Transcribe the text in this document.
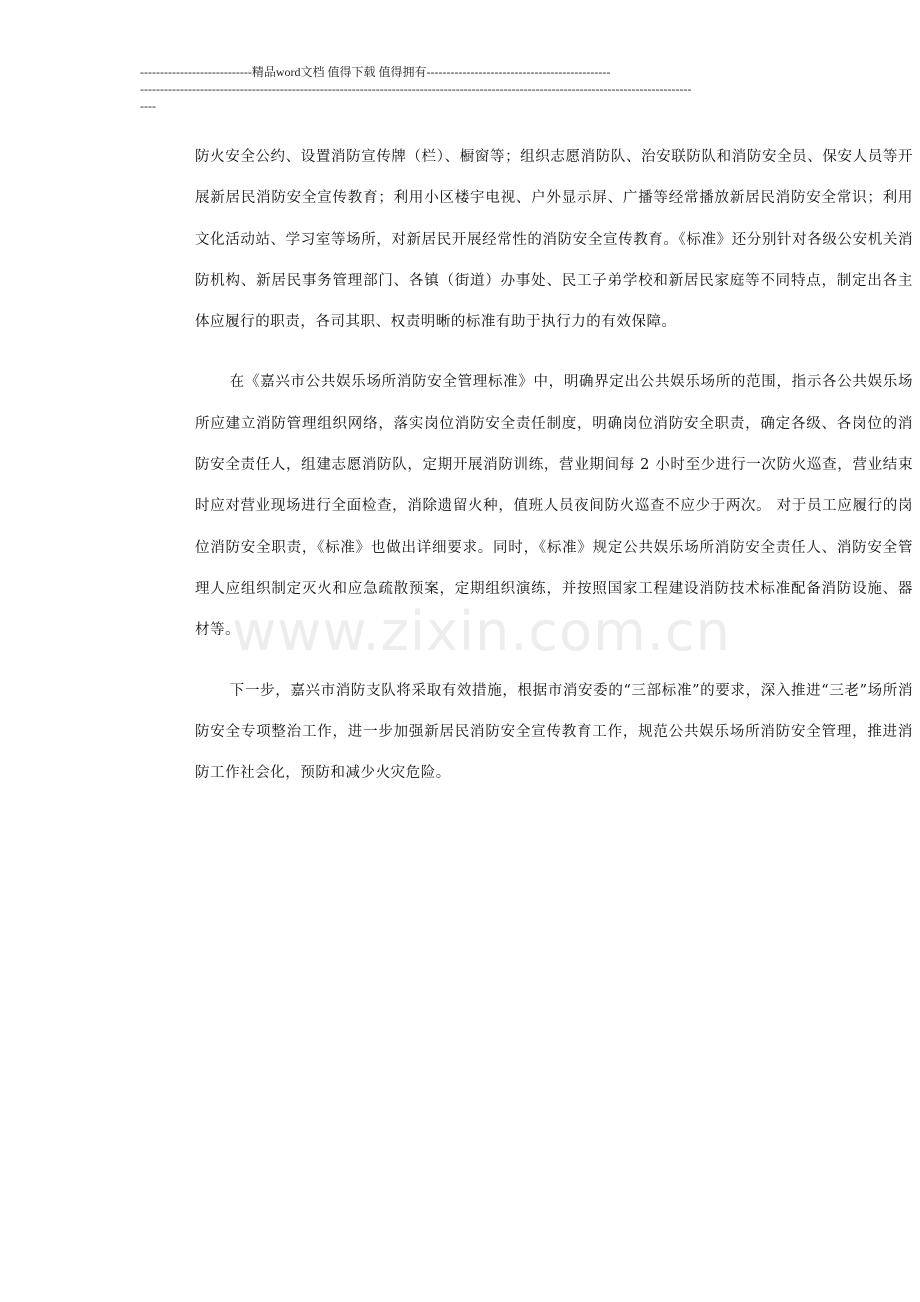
----------------------------精品word文档 值得下载 值得拥有----------------------------------------------
------------------------------------------------------------------------------------------------------------------------------------------
----

防火安全公约、设置消防宣传牌（栏）、橱窗等；组织志愿消防队、治安联防队和消防安全员、保安人员等开展新居民消防安全宣传教育；利用小区楼宇电视、户外显示屏、广播等经常播放新居民消防安全常识；利用文化活动站、学习室等场所，对新居民开展经常性的消防安全宣传教育。《标准》还分别针对各级公安机关消防机构、新居民事务管理部门、各镇（街道）办事处、民工子弟学校和新居民家庭等不同特点，制定出各主体应履行的职责，各司其职、权责明晰的标准有助于执行力的有效保障。

在《嘉兴市公共娱乐场所消防安全管理标准》中，明确界定出公共娱乐场所的范围，指示各公共娱乐场所应建立消防管理组织网络，落实岗位消防安全责任制度，明确岗位消防安全职责，确定各级、各岗位的消防安全责任人，组建志愿消防队，定期开展消防训练，营业期间每 2 小时至少进行一次防火巡查，营业结束时应对营业现场进行全面检查，消除遗留火种，值班人员夜间防火巡查不应少于两次。 对于员工应履行的岗位消防安全职责，《标准》也做出详细要求。同时，《标准》规定公共娱乐场所消防安全责任人、消防安全管理人应组织制定灭火和应急疏散预案，定期组织演练，并按照国家工程建设消防技术标准配备消防设施、器材等。

下一步，嘉兴市消防支队将采取有效措施，根据市消安委的“三部标准”的要求，深入推进“三老”场所消防安全专项整治工作，进一步加强新居民消防安全宣传教育工作，规范公共娱乐场所消防安全管理，推进消防工作社会化，预防和减少火灾危险。

www.zixin.com.cn
